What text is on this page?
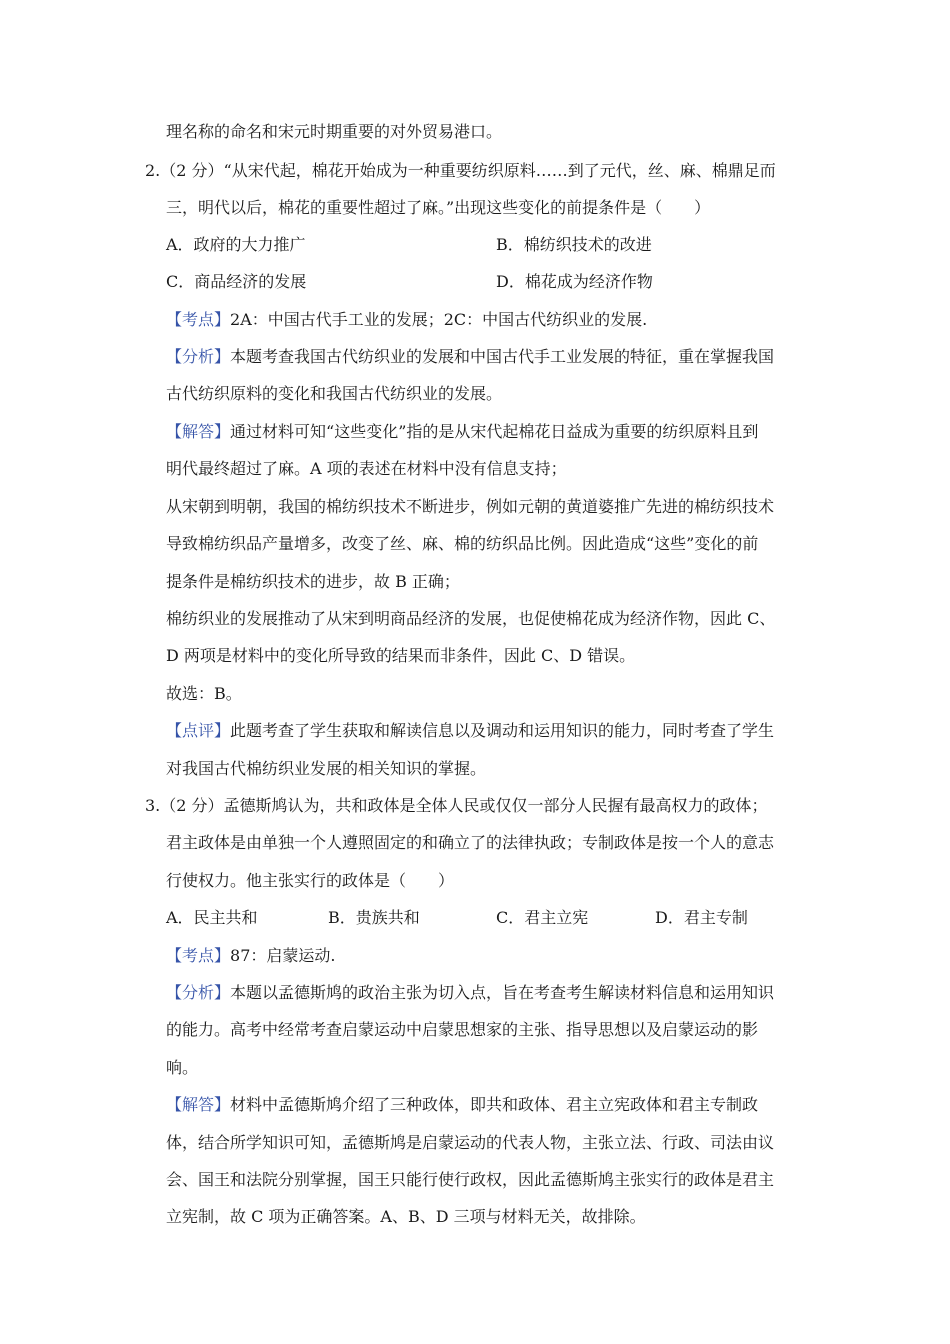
理名称的命名和宋元时期重要的对外贸易港口。
2.（2 分）“从宋代起，棉花开始成为一种重要纺织原料……到了元代，丝、麻、棉鼎足而
三，明代以后，棉花的重要性超过了麻。”出现这些变化的前提条件是（　　）
A．政府的大力推广	B．棉纺织技术的改进
C．商品经济的发展	D．棉花成为经济作物
【考点】2A：中国古代手工业的发展；2C：中国古代纺织业的发展.
【分析】本题考查我国古代纺织业的发展和中国古代手工业发展的特征，重在掌握我国
古代纺织原料的变化和我国古代纺织业的发展。
【解答】通过材料可知“这些变化”指的是从宋代起棉花日益成为重要的纺织原料且到
明代最终超过了麻。A 项的表述在材料中没有信息支持；
从宋朝到明朝，我国的棉纺织技术不断进步，例如元朝的黄道婆推广先进的棉纺织技术
导致棉纺织品产量增多，改变了丝、麻、棉的纺织品比例。因此造成“这些”变化的前
提条件是棉纺织技术的进步，故 B 正确；
棉纺织业的发展推动了从宋到明商品经济的发展，也促使棉花成为经济作物，因此 C、
D 两项是材料中的变化所导致的结果而非条件，因此 C、D 错误。
故选：B。
【点评】此题考查了学生获取和解读信息以及调动和运用知识的能力，同时考查了学生
对我国古代棉纺织业发展的相关知识的掌握。
3.（2 分）孟德斯鸠认为，共和政体是全体人民或仅仅一部分人民握有最高权力的政体；
君主政体是由单独一个人遵照固定的和确立了的法律执政；专制政体是按一个人的意志
行使权力。他主张实行的政体是（　　）
A．民主共和	B．贵族共和	C．君主立宪	D．君主专制
【考点】87：启蒙运动.
【分析】本题以孟德斯鸠的政治主张为切入点，旨在考查考生解读材料信息和运用知识
的能力。高考中经常考查启蒙运动中启蒙思想家的主张、指导思想以及启蒙运动的影
响。
【解答】材料中孟德斯鸠介绍了三种政体，即共和政体、君主立宪政体和君主专制政
体，结合所学知识可知，孟德斯鸠是启蒙运动的代表人物，主张立法、行政、司法由议
会、国王和法院分别掌握，国王只能行使行政权，因此孟德斯鸠主张实行的政体是君主
立宪制，故 C 项为正确答案。A、B、D 三项与材料无关，故排除。
